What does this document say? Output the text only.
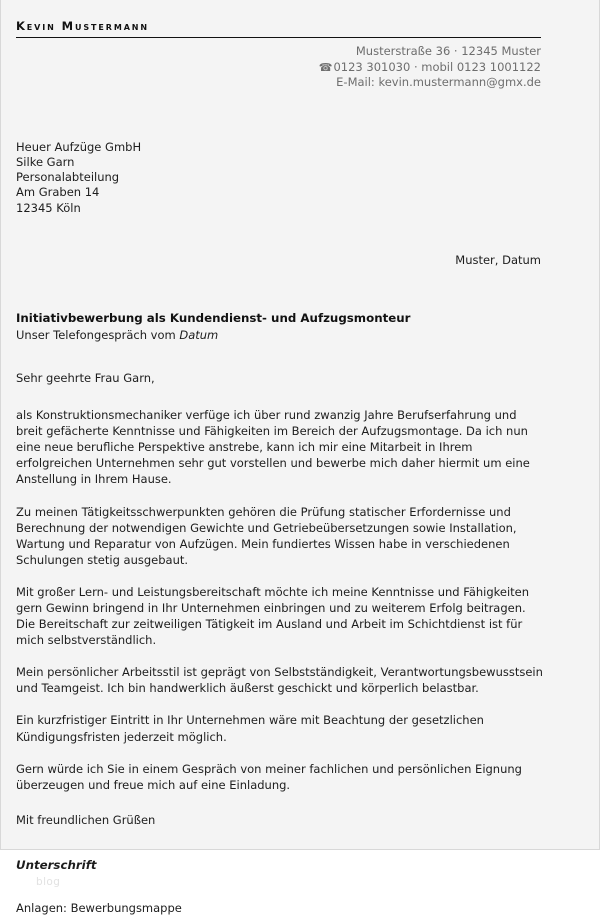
Kevin Mustermann
Musterstraße 36 · 12345 Muster
☎0123 301030 · mobil 0123 1001122
E-Mail: kevin.mustermann@gmx.de
Heuer Aufzüge GmbH
Silke Garn
Personalabteilung
Am Graben 14
12345 Köln
Muster, Datum
Initiativbewerbung als Kundendienst- und Aufzugsmonteur
Unser Telefongespräch vom Datum

Sehr geehrte Frau Garn,

als Konstruktionsmechaniker verfüge ich über rund zwanzig Jahre Berufserfahrung und breit gefächerte Kenntnisse und Fähigkeiten im Bereich der Aufzugsmontage. Da ich nun eine neue berufliche Perspektive anstrebe, kann ich mir eine Mitarbeit in Ihrem erfolgreichen Unternehmen sehr gut vorstellen und bewerbe mich daher hiermit um eine Anstellung in Ihrem Hause.

Zu meinen Tätigkeitsschwerpunkten gehören die Prüfung statischer Erfordernisse und Berechnung der notwendigen Gewichte und Getriebeübersetzungen sowie Installation, Wartung und Reparatur von Aufzügen. Mein fundiertes Wissen habe in verschiedenen Schulungen stetig ausgebaut.

Mit großer Lern- und Leistungsbereitschaft möchte ich meine Kenntnisse und Fähigkeiten gern Gewinn bringend in Ihr Unternehmen einbringen und zu weiterem Erfolg beitragen. Die Bereitschaft zur zeitweiligen Tätigkeit im Ausland und Arbeit im Schichtdienst ist für mich selbstverständlich.

Mein persönlicher Arbeitsstil ist geprägt von Selbstständigkeit, Verantwortungsbewusstsein und Teamgeist. Ich bin handwerklich äußerst geschickt und körperlich belastbar.

Ein kurzfristiger Eintritt in Ihr Unternehmen wäre mit Beachtung der gesetzlichen Kündigungsfristen jederzeit möglich.

Gern würde ich Sie in einem Gespräch von meiner fachlichen und persönlichen Eignung überzeugen und freue mich auf eine Einladung.

Mit freundlichen Grüßen
Unterschrift
blog
Anlagen: Bewerbungsmappe
